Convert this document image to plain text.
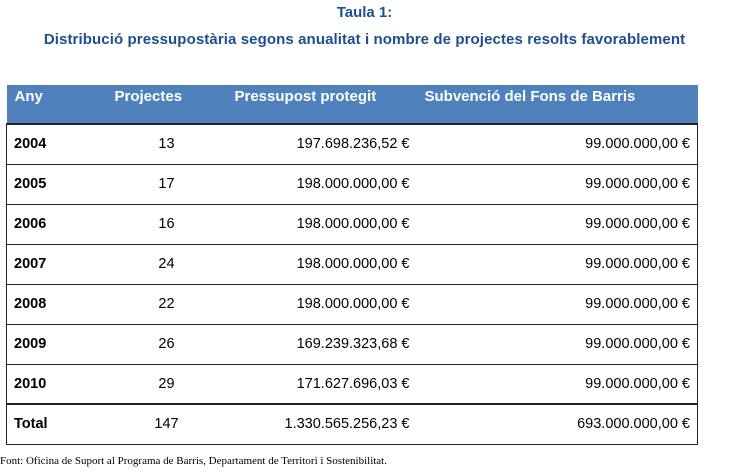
Taula 1:
Distribució pressupostària segons anualitat i nombre de projectes resolts favorablement
Any	Projectes	Pressupost protegit	Subvenció del Fons de Barris
2004	13	197.698.236,52 €	99.000.000,00 €
2005	17	198.000.000,00 €	99.000.000,00 €
2006	16	198.000.000,00 €	99.000.000,00 €
2007	24	198.000.000,00 €	99.000.000,00 €
2008	22	198.000.000,00 €	99.000.000,00 €
2009	26	169.239.323,68 €	99.000.000,00 €
2010	29	171.627.696,03 €	99.000.000,00 €
Total	147	1.330.565.256,23 €	693.000.000,00 €
Font: Oficina de Suport al Programa de Barris, Departament de Territori i Sostenibilitat.
